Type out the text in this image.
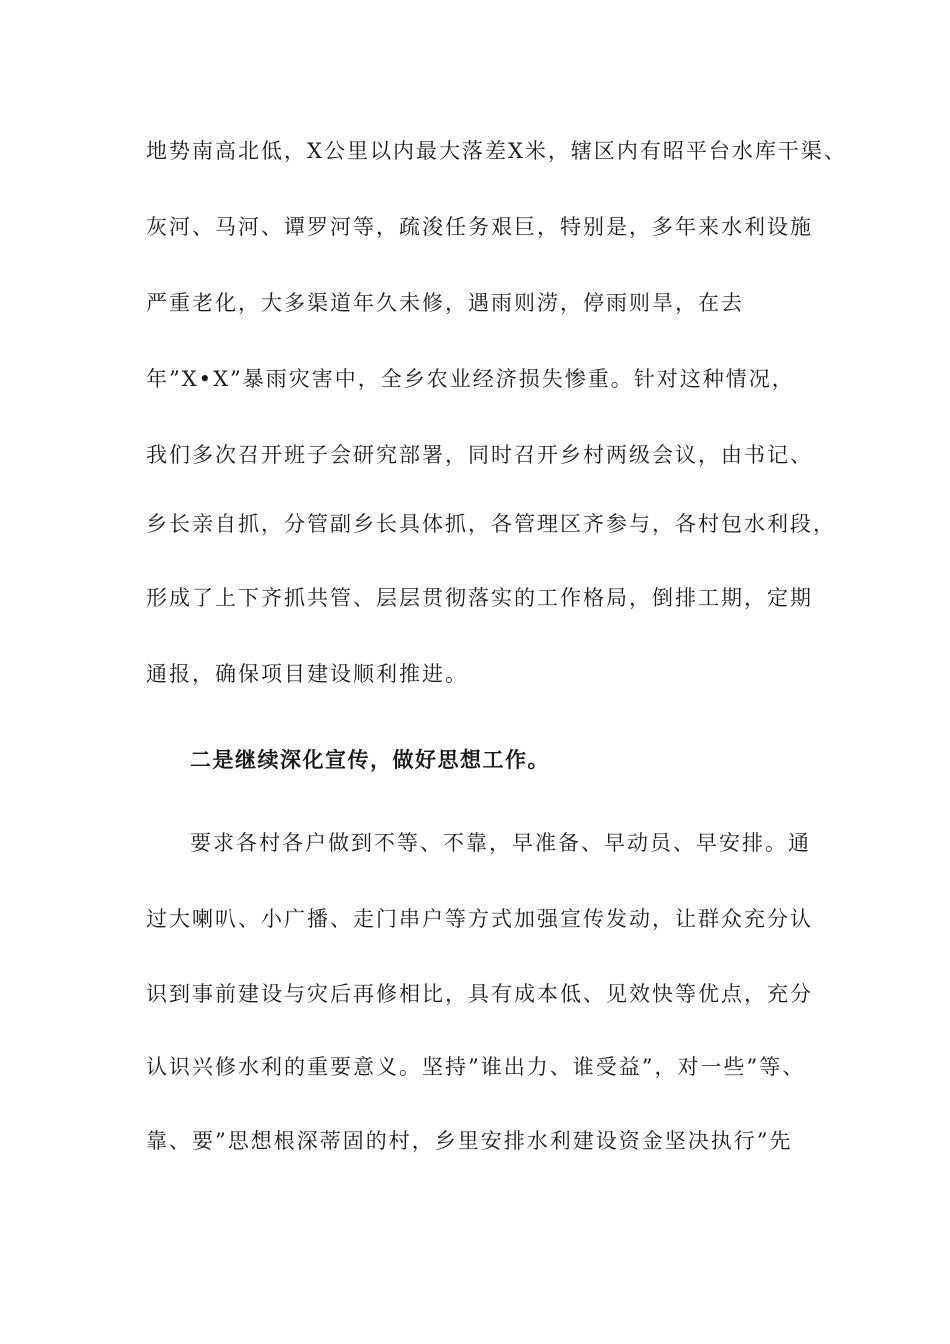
地势南高北低，X公里以内最大落差X米，辖区内有昭平台水库干渠、
灰河、马河、谭罗河等，疏浚任务艰巨，特别是，多年来水利设施
严重老化，大多渠道年久未修，遇雨则涝，停雨则旱，在去
年”X•X”暴雨灾害中，全乡农业经济损失惨重。针对这种情况，
我们多次召开班子会研究部署，同时召开乡村两级会议，由书记、
乡长亲自抓，分管副乡长具体抓，各管理区齐参与，各村包水利段，
形成了上下齐抓共管、层层贯彻落实的工作格局，倒排工期，定期
通报，确保项目建设顺利推进。
二是继续深化宣传，做好思想工作。
要求各村各户做到不等、不靠，早准备、早动员、早安排。通
过大喇叭、小广播、走门串户等方式加强宣传发动，让群众充分认
识到事前建设与灾后再修相比，具有成本低、见效快等优点，充分
认识兴修水利的重要意义。坚持”谁出力、谁受益”，对一些”等、
靠、要”思想根深蒂固的村，乡里安排水利建设资金坚决执行”先
